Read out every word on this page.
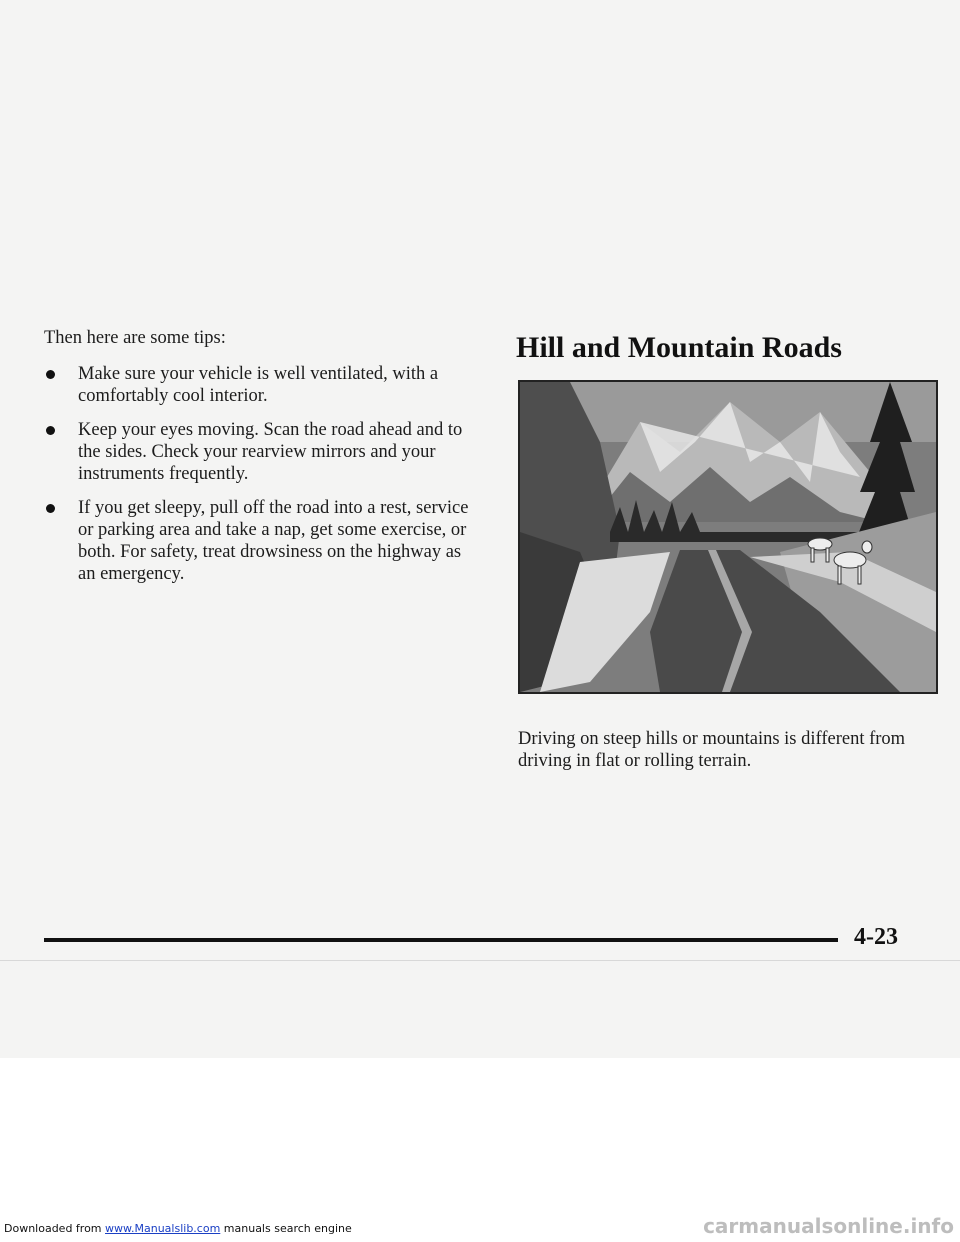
Then here are some tips:

Make sure your vehicle is well ventilated, with a comfortably cool interior.
Keep your eyes moving. Scan the road ahead and to the sides. Check your rearview mirrors and your instruments frequently.
If you get sleepy, pull off the road into a rest, service or parking area and take a nap, get some exercise, or both. For safety, treat drowsiness on the highway as an emergency.
Hill and Mountain Roads

Driving on steep hills or mountains is different from driving in flat or rolling terrain.

4-23
Downloaded from www.Manualslib.com manuals search engine	carmanualsonline.info
